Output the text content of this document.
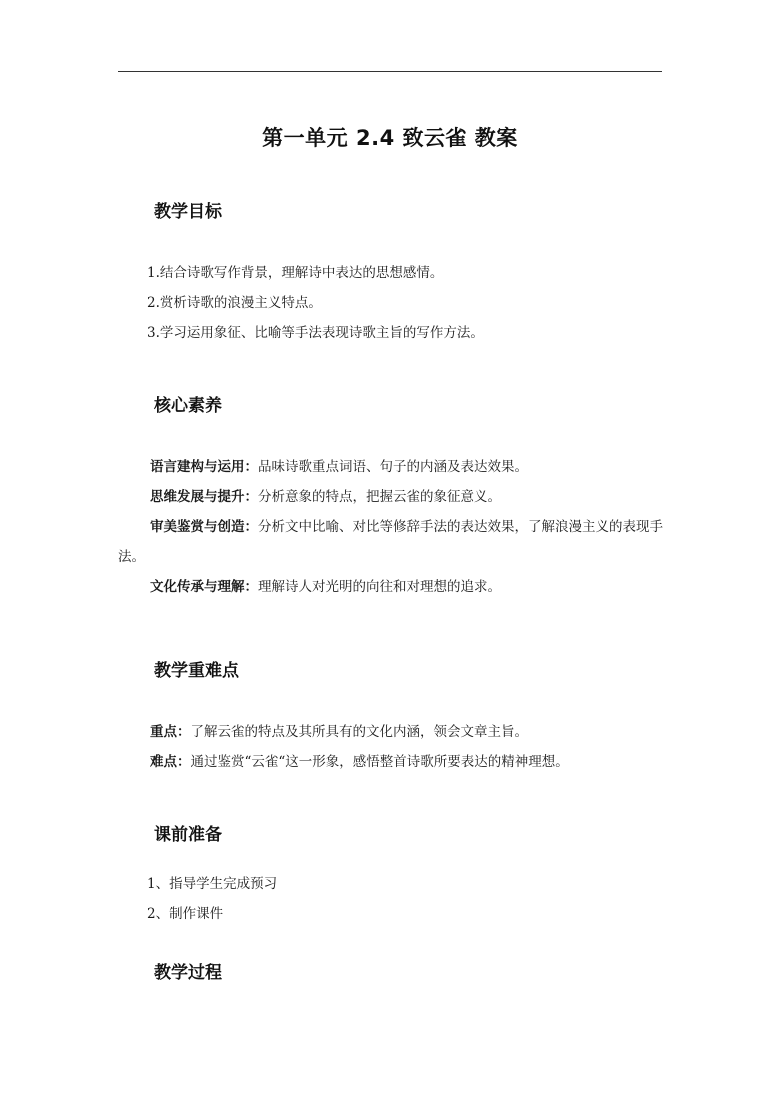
第一单元 2.4 致云雀 教案
教学目标
1.结合诗歌写作背景，理解诗中表达的思想感情。
2.赏析诗歌的浪漫主义特点。
3.学习运用象征、比喻等手法表现诗歌主旨的写作方法。
核心素养
语言建构与运用：品味诗歌重点词语、句子的内涵及表达效果。
思维发展与提升：分析意象的特点，把握云雀的象征意义。
审美鉴赏与创造：分析文中比喻、对比等修辞手法的表达效果，了解浪漫主义的表现手法。
文化传承与理解：理解诗人对光明的向往和对理想的追求。
教学重难点
重点：了解云雀的特点及其所具有的文化内涵，领会文章主旨。
难点：通过鉴赏“云雀“这一形象，感悟整首诗歌所要表达的精神理想。
课前准备
1、指导学生完成预习
2、制作课件
教学过程
